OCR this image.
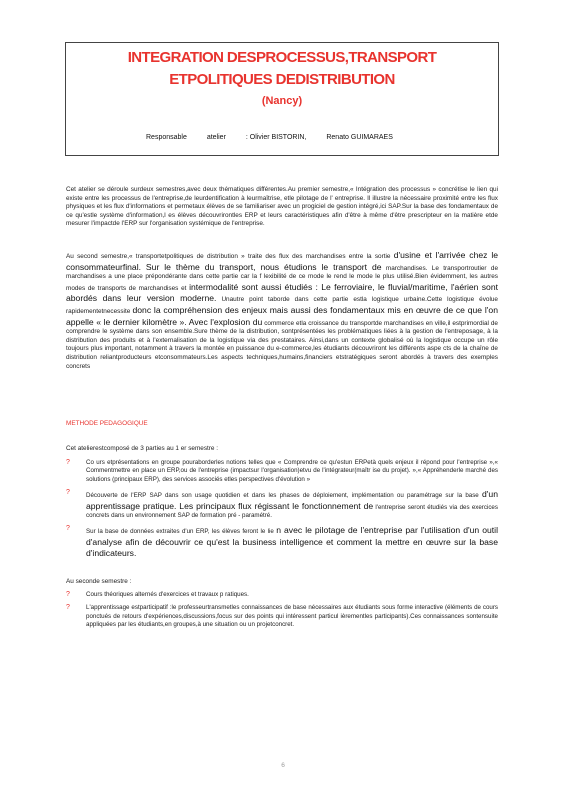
INTEGRATION DESPROCESSUS,TRANSPORT
ETPOLITIQUES DEDISTRIBUTION
(Nancy)
Responsable	atelier	: Olivier BISTORIN,	Renato GUIMARAES
Cet atelier se déroule surdeux semestres,avec deux thématiques différentes.Au premier semestre,« Intégration des processus » concrétise le lien qui existe entre les processus de l'entreprise,de leurdentification à leurmaîtrise, etle pilotage de l' entreprise. Il illustre la nécessaire proximité entre les flux physiques et les flux d'informations et permetaux élèves de se familiariser avec un progiciel de gestion intégré,ici SAP.Sur la base des fondamentaux de ce qu'estle système d'information,l es élèves découvrirontles ERP et leurs caractéristiques afin d'être à même d'être prescripteur en la matière etde mesurer l'impactde l'ERP sur l'organisation systémique de l'entreprise.
Au second semestre,« transportetpolitiques de distribution » traite des flux des marchandises entre la sortie d'usine et l'arrivée chez le consommateurfinal. Sur le thème du transport, nous étudions le transport de marchandises. Le transportroutier de marchandises a une place prépondérante dans cette partie car la f lexibilité de ce mode le rend le mode le plus utilisé.Bien évidemment, les autres modes de transports de marchandises et intermodalité sont aussi étudiés : Le ferroviaire, le fluvial/maritime, l'aérien sont abordés dans leur version moderne. Unautre point taborde dans cette partie estla logistique urbaine.Cette logistique évolue rapidementetnecessite donc la compréhension des enjeux mais aussi des fondamentaux mis en œuvre de ce que l'on appelle « le dernier kilomètre ». Avec l'explosion du commerce etla croissance du transportde marchandises en ville,il estprimordial de comprendre le système dans son ensemble.Sure thème de la distribution, sontprésentées les problématiques liées à la gestion de l'entreposage, à la distribution des produits et à l'externalisation de la logistique via des prestataires. Ainsi,dans un contexte globalisé où la logistique occupe un rôle toujours plus important, notamment à travers la montée en puissance du e-commerce,les étudiants découvriront les différents aspe cts de la chaîne de distribution reliantproducteurs etconsommateurs.Les aspects techniques,humains,financiers etstratégiques seront abordés à travers des exemples concrets
METHODE PEDAGOGIQUE
Cet atelierestcomposé de 3 parties au 1 er semestre :
?	Co urs etprésentations en groupe pouraborderles notions telles que « Comprendre ce qu'estun ERPetà quels enjeux il répond pour l'entreprise »,« Commentmettre en place un ERP,ou de l'entreprise (impactsur l'organisation)etvu de l'intégrateur(maîtr ise du projet). »,« Appréhenderle marché des solutions (principaux ERP), des services associés etles perspectives d'évolution »
?	Découverte de l'ERP SAP dans son usage quotidien et dans les phases de déploiement, implémentation ou paramétrage sur la base d'un apprentissage pratique. Les principaux flux régissant le fonctionnement de l'entreprise seront étudiés via des exercices concrets dans un environnement SAP de formation pré - paramétré.
?	Sur la base de données extraites d'un ERP, les élèves feront le lie n avec le pilotage de l'entreprise par l'utilisation d'un outil d'analyse afin de découvrir ce qu'est la business intelligence et comment la mettre en œuvre sur la base d'indicateurs.
Au seconde semestre :
?	Cours théoriques alternés d'exercices et travaux p ratiques.
?	L'apprentissage estparticipatif :le professeurtransmetles connaissances de base nécessaires aux étudiants sous forme interactive (éléments de cours ponctués de retours d'expériences,discussions,focus sur des points qui intéressent particul ièrementles participants).Ces connaissances sontensuite appliquées par les étudiants,en groupes,à une situation ou un projetconcret.
6
